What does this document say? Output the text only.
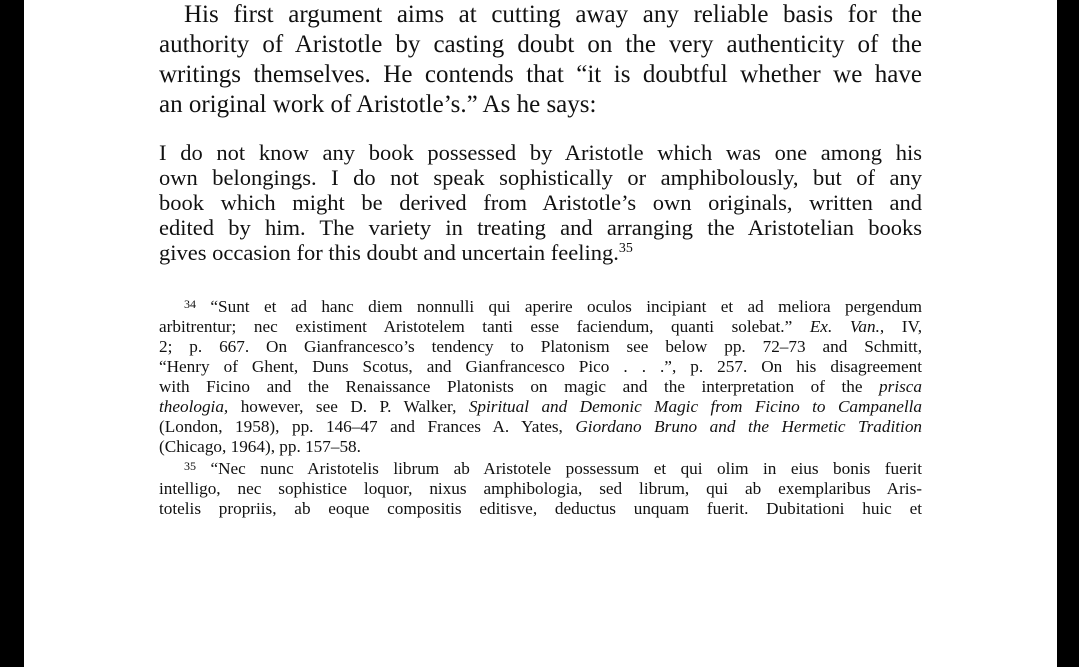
His first argument aims at cutting away any reliable basis for the
authority of Aristotle by casting doubt on the very authenticity of the
writings themselves. He contends that “it is doubtful whether we have
an original work of Aristotle’s.” As he says:
I do not know any book possessed by Aristotle which was one among his
own belongings. I do not speak sophistically or amphibolously, but of any
book which might be derived from Aristotle’s own originals, written and
edited by him. The variety in treating and arranging the Aristotelian books
gives occasion for this doubt and uncertain feeling.$^{35}$
$^{34}$ “Sunt et ad hanc diem nonnulli qui aperire oculos incipiant et ad meliora pergendum
arbitrentur; nec existiment Aristotelem tanti esse faciendum, quanti solebat.” Ex. Van., IV,
2; p. 667. On Gianfrancesco’s tendency to Platonism see below pp. 72–73 and Schmitt,
“Henry of Ghent, Duns Scotus, and Gianfrancesco Pico . . .”, p. 257. On his disagreement
with Ficino and the Renaissance Platonists on magic and the interpretation of the prisca
theologia, however, see D. P. Walker, Spiritual and Demonic Magic from Ficino to Campanella
(London, 1958), pp. 146–47 and Frances A. Yates, Giordano Bruno and the Hermetic Tradition
(Chicago, 1964), pp. 157–58.
$^{35}$ “Nec nunc Aristotelis librum ab Aristotele possessum et qui olim in eius bonis fuerit
intelligo, nec sophistice loquor, nixus amphibologia, sed librum, qui ab exemplaribus Aris-
totelis propriis, ab eoque compositis editisve, deductus unquam fuerit. Dubitationi huic et
